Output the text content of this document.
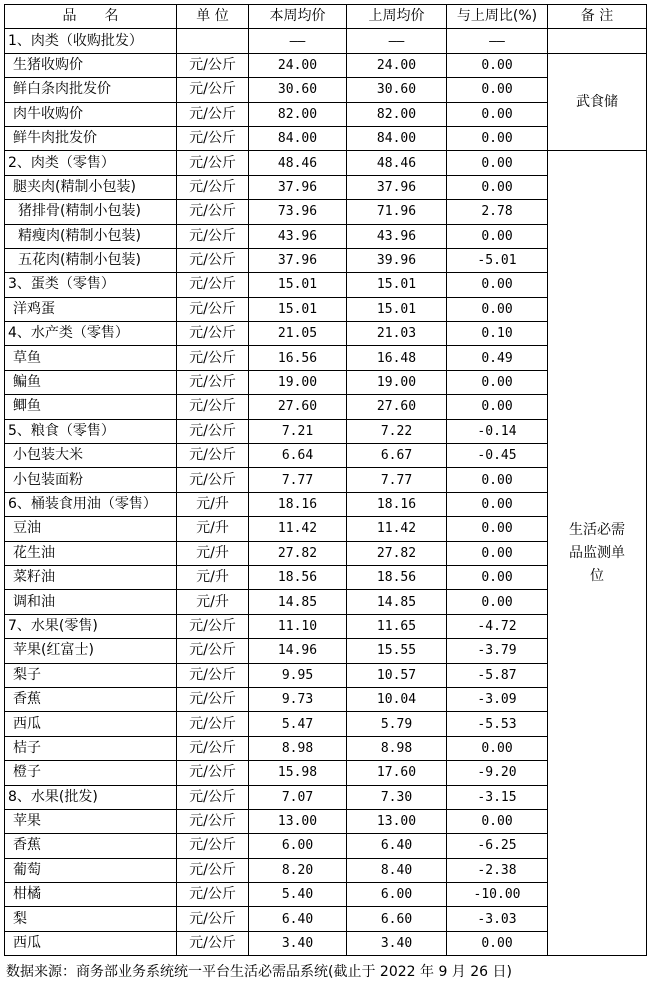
品　　名	单 位	本周均价	上周均价	与上周比(%)	备 注
1、肉类（收购批发）		——	——	——	
生猪收购价	元/公斤	24.00	24.00	0.00	武食储
鲜白条肉批发价	元/公斤	30.60	30.60	0.00	
肉牛收购价	元/公斤	82.00	82.00	0.00	
鲜牛肉批发价	元/公斤	84.00	84.00	0.00	
2、肉类（零售）	元/公斤	48.46	48.46	0.00	生活必需品监测单位
腿夹肉(精制小包装)	元/公斤	37.96	37.96	0.00	
猪排骨(精制小包装)	元/公斤	73.96	71.96	2.78	
精瘦肉(精制小包装)	元/公斤	43.96	43.96	0.00	
五花肉(精制小包装)	元/公斤	37.96	39.96	-5.01	
3、蛋类（零售）	元/公斤	15.01	15.01	0.00	
洋鸡蛋	元/公斤	15.01	15.01	0.00	
4、水产类（零售）	元/公斤	21.05	21.03	0.10	
草鱼	元/公斤	16.56	16.48	0.49	
鳊鱼	元/公斤	19.00	19.00	0.00	
鲫鱼	元/公斤	27.60	27.60	0.00	
5、粮食（零售）	元/公斤	7.21	7.22	-0.14	
小包装大米	元/公斤	6.64	6.67	-0.45	
小包装面粉	元/公斤	7.77	7.77	0.00	
6、桶装食用油（零售）	元/升	18.16	18.16	0.00	
豆油	元/升	11.42	11.42	0.00	
花生油	元/升	27.82	27.82	0.00	
菜籽油	元/升	18.56	18.56	0.00	
调和油	元/升	14.85	14.85	0.00	
7、水果(零售)	元/公斤	11.10	11.65	-4.72	
苹果(红富士)	元/公斤	14.96	15.55	-3.79	
梨子	元/公斤	9.95	10.57	-5.87	
香蕉	元/公斤	9.73	10.04	-3.09	
西瓜	元/公斤	5.47	5.79	-5.53	
桔子	元/公斤	8.98	8.98	0.00	
橙子	元/公斤	15.98	17.60	-9.20	
8、水果(批发)	元/公斤	7.07	7.30	-3.15	
苹果	元/公斤	13.00	13.00	0.00	
香蕉	元/公斤	6.00	6.40	-6.25	
葡萄	元/公斤	8.20	8.40	-2.38	
柑橘	元/公斤	5.40	6.00	-10.00	
梨	元/公斤	6.40	6.60	-3.03	
西瓜	元/公斤	3.40	3.40	0.00	
数据来源：商务部业务系统统一平台生活必需品系统(截止于 2022 年 9 月 26 日)
